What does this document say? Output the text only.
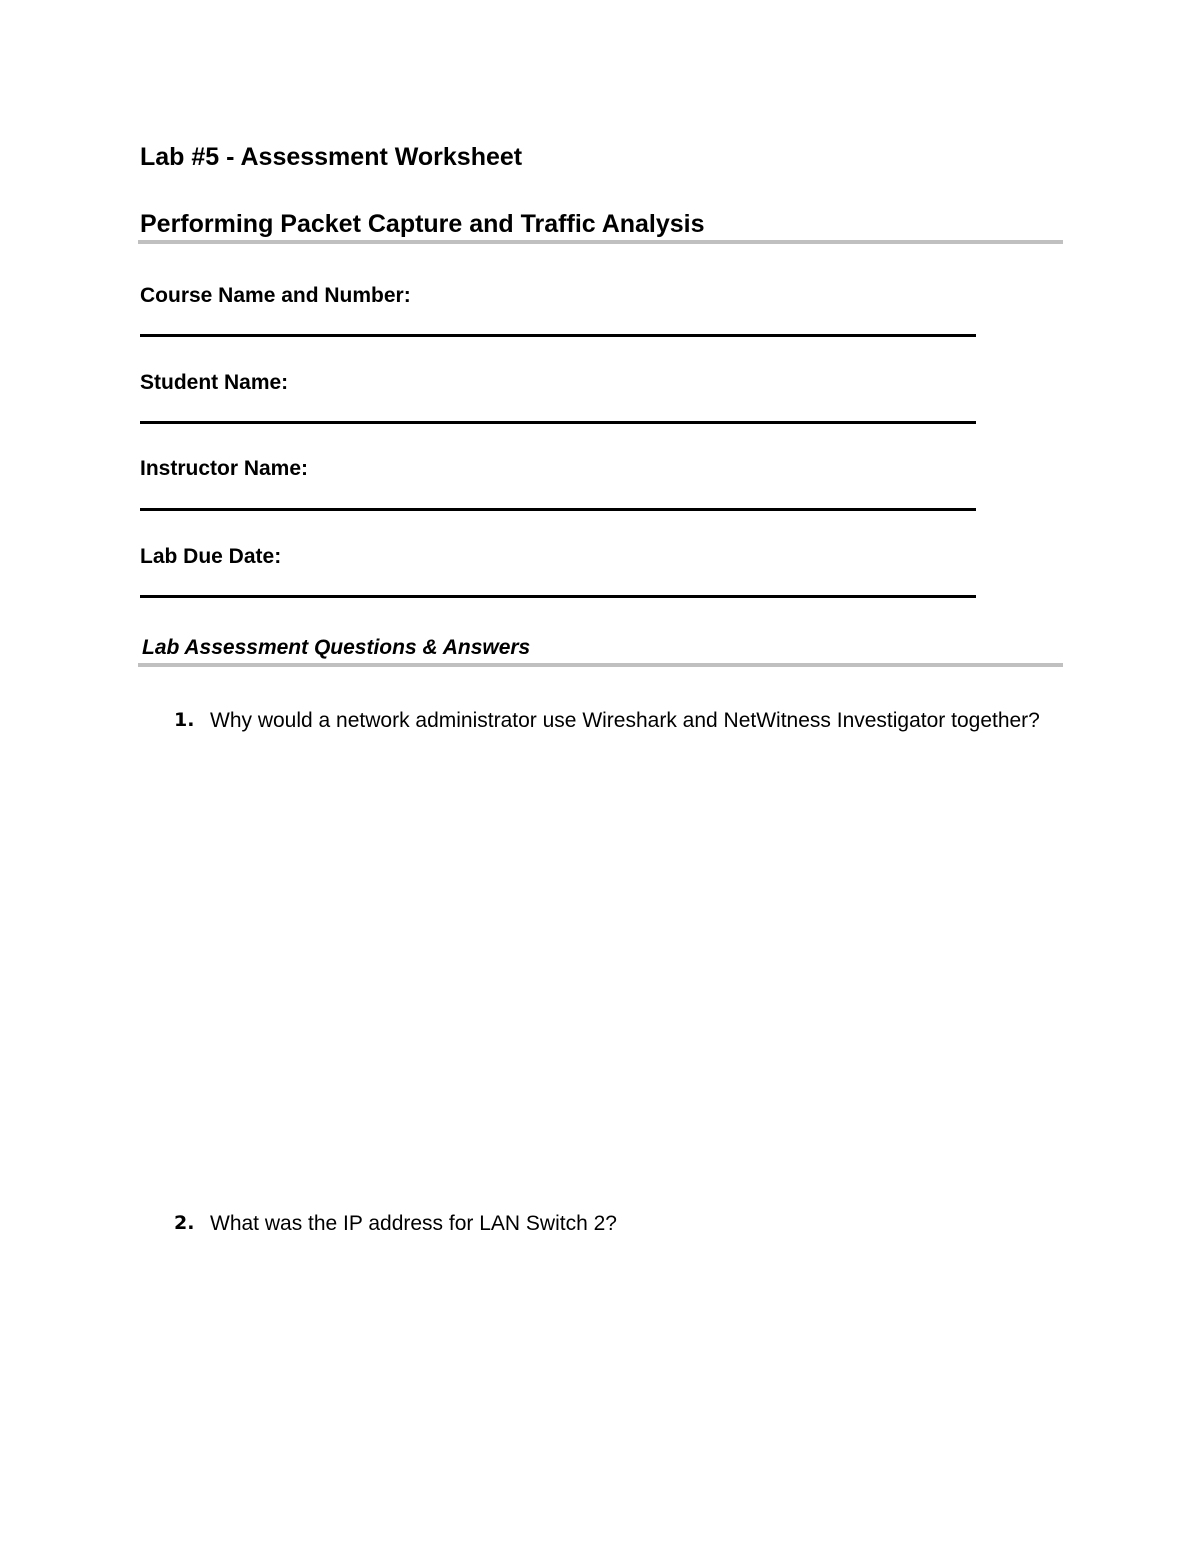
Lab #5 - Assessment Worksheet
Performing Packet Capture and Traffic Analysis
Course Name and Number:
Student Name:
Instructor Name:
Lab Due Date:
Lab Assessment Questions & Answers
1. Why would a network administrator use Wireshark and NetWitness Investigator together?
2. What was the IP address for LAN Switch 2?
